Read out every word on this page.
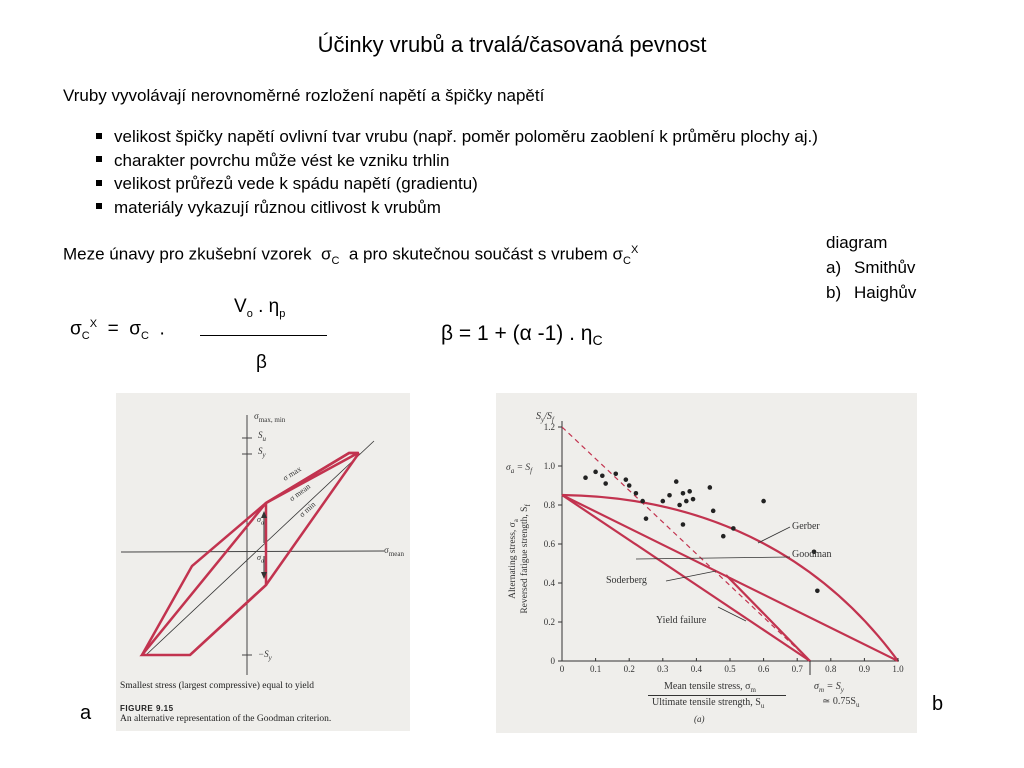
Účinky vrubů a trvalá/časovaná pevnost
Vruby vyvolávají nerovnoměrné rozložení napětí a špičky napětí
velikost špičky napětí ovlivní tvar vrubu (např. poměr poloměru zaoblení k průměru plochy aj.)
charakter povrchu může vést ke vzniku trhlin
velikost průřezů vede k spádu napětí (gradientu)
materiály vykazují různou citlivost k vrubům
diagram
a) Smithův
b) Haighův
Meze únavy pro zkušební vzorek $\sigma_C$ a pro skutečnou součást s vrubem $\sigma_C^X$
$\sigma_C^X = \sigma_C$ .
$V_o$ . $\eta_p$
β
β = 1 + (α -1) . $\eta_C$
$\sigma_{max, min}$
$S_u$
$S_y$
$-S_y$
$\sigma_{mean}$
σ max
σ mean
σ min
$\sigma_a$
$\sigma_a$
Smallest stress (largest compressive) equal to yield
FIGURE 9.15
An alternative representation of the Goodman criterion.
a
0
0.2
0.4
0.6
0.8
1.0
1.2
0	0.1 0.2 0.3 0.4 0.5 0.6 0.7 0.8 0.9 1.0
$S_y/S_f$
$\sigma_a = S_f$
Alternating stress, $\sigma_a$ Reversed fatigue strength, $S_f$
Mean tensile stress, $\sigma_m$
Ultimate tensile strength, $S_u$
$\sigma_m = S_y$
≃ $0.75S_u$
(a)
Gerber
Goodman
Soderberg
Yield failure
b
